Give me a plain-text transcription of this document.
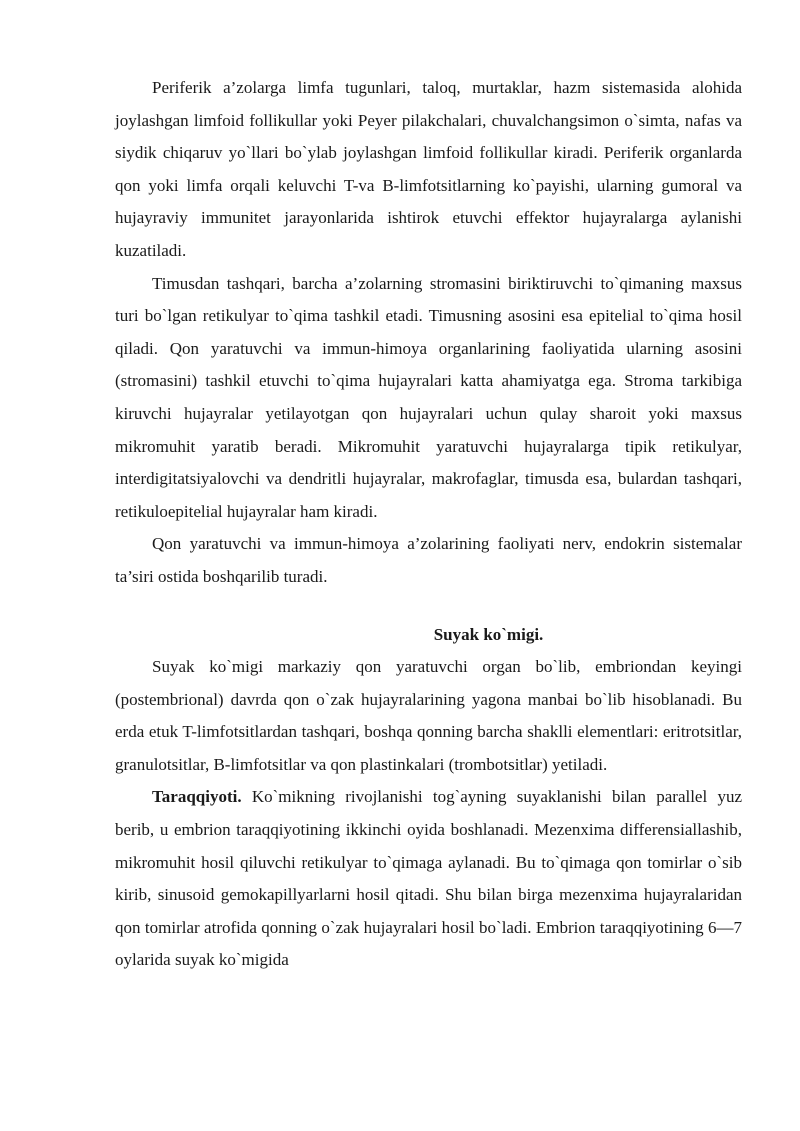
Periferik a’zolarga limfa tugunlari, taloq, murtaklar, hazm sistemasida alohida joylashgan limfoid follikullar yoki Peyer pilakchalari, chuvalchangsimon o`simta, nafas va siydik chiqaruv yo`llari bo`ylab joylashgan limfoid follikullar kiradi. Periferik organlarda qon yoki limfa orqali keluvchi T-va B-limfotsitlarning ko`payishi, ularning gumoral va hujayraviy immunitet jarayonlarida ishtirok etuvchi effektor hujayralarga aylanishi kuzatiladi.

Timusdan tashqari, barcha a’zolarning stromasini biriktiruvchi to`qimaning maxsus turi bo`lgan retikulyar to`qima tashkil etadi. Timusning asosini esa epitelial to`qima hosil qiladi. Qon yaratuvchi va immun-himoya organlarining faoliyatida ularning asosini (stromasini) tashkil etuvchi to`qima hujayralari katta ahamiyatga ega. Stroma tarkibiga kiruvchi hujayralar yetilayotgan qon hujayralari uchun qulay sharoit yoki maxsus mikromuhit yaratib beradi. Mikromuhit yaratuvchi hujayralarga tipik retikulyar, interdigitatsiyalovchi va dendritli hujayralar, makrofaglar, timusda esa, bulardan tashqari, retikuloepitelial hujayralar ham kiradi.

Qon yaratuvchi va immun-himoya a’zolarining faoliyati nerv, endokrin sistemalar ta’siri ostida boshqarilib turadi.

Suyak ko`migi.

Suyak ko`migi markaziy qon yaratuvchi organ bo`lib, embriondan keyingi (postembrional) davrda qon o`zak hujayralarining yagona manbai bo`lib hisoblanadi. Bu erda etuk T-limfotsitlardan tashqari, boshqa qonning barcha shaklli elementlari: eritrotsitlar, granulotsitlar, B-limfotsitlar va qon plastinkalari (trombotsitlar) yetiladi.

Taraqqiyoti. Ko`mikning rivojlanishi tog`ayning suyaklanishi bilan parallel yuz berib, u embrion taraqqiyotining ikkinchi oyida boshlanadi. Mezenxima differensiallashib, mikromuhit hosil qiluvchi retikulyar to`qimaga aylanadi. Bu to`qimaga qon tomirlar o`sib kirib, sinusoid gemokapillyarlarni hosil qitadi. Shu bilan birga mezenxima hujayralaridan qon tomirlar atrofida qonning o`zak hujayralari hosil bo`ladi. Embrion taraqqiyotining 6—7 oylarida suyak ko`migida
